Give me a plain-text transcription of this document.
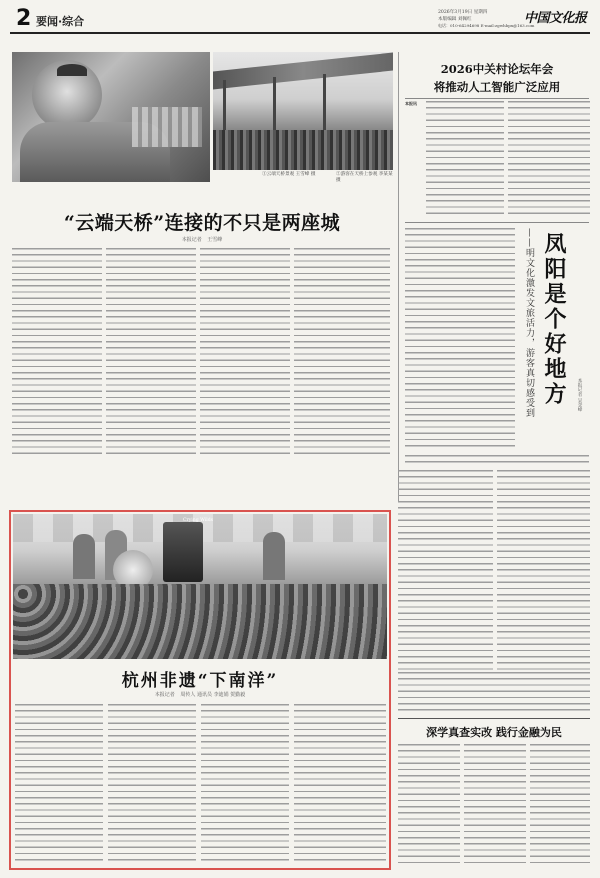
2 要闻·综合
2026年3月19日 星期四
本版编辑 刘佩红
电话：010-64294698 E-mail:zgwhbpx@163.com
中国文化报
①云端天桥景观 王雪峰 摄	②游客在天桥上参观 李某某 摄
“云端天桥”连接的不只是两座城
本报记者 王雪峰
2026中关村论坛年会
将推动人工智能广泛应用
本报讯
——明文化激发文旅活力，游客真切感受到 凤阳是个好地方	本报记者 吴念峰
Crying Wilds
杭州非遗“下南洋”
本报记者 周传人 通讯员 李迪娟 贺勤毅
深学真查实改 践行金融为民
